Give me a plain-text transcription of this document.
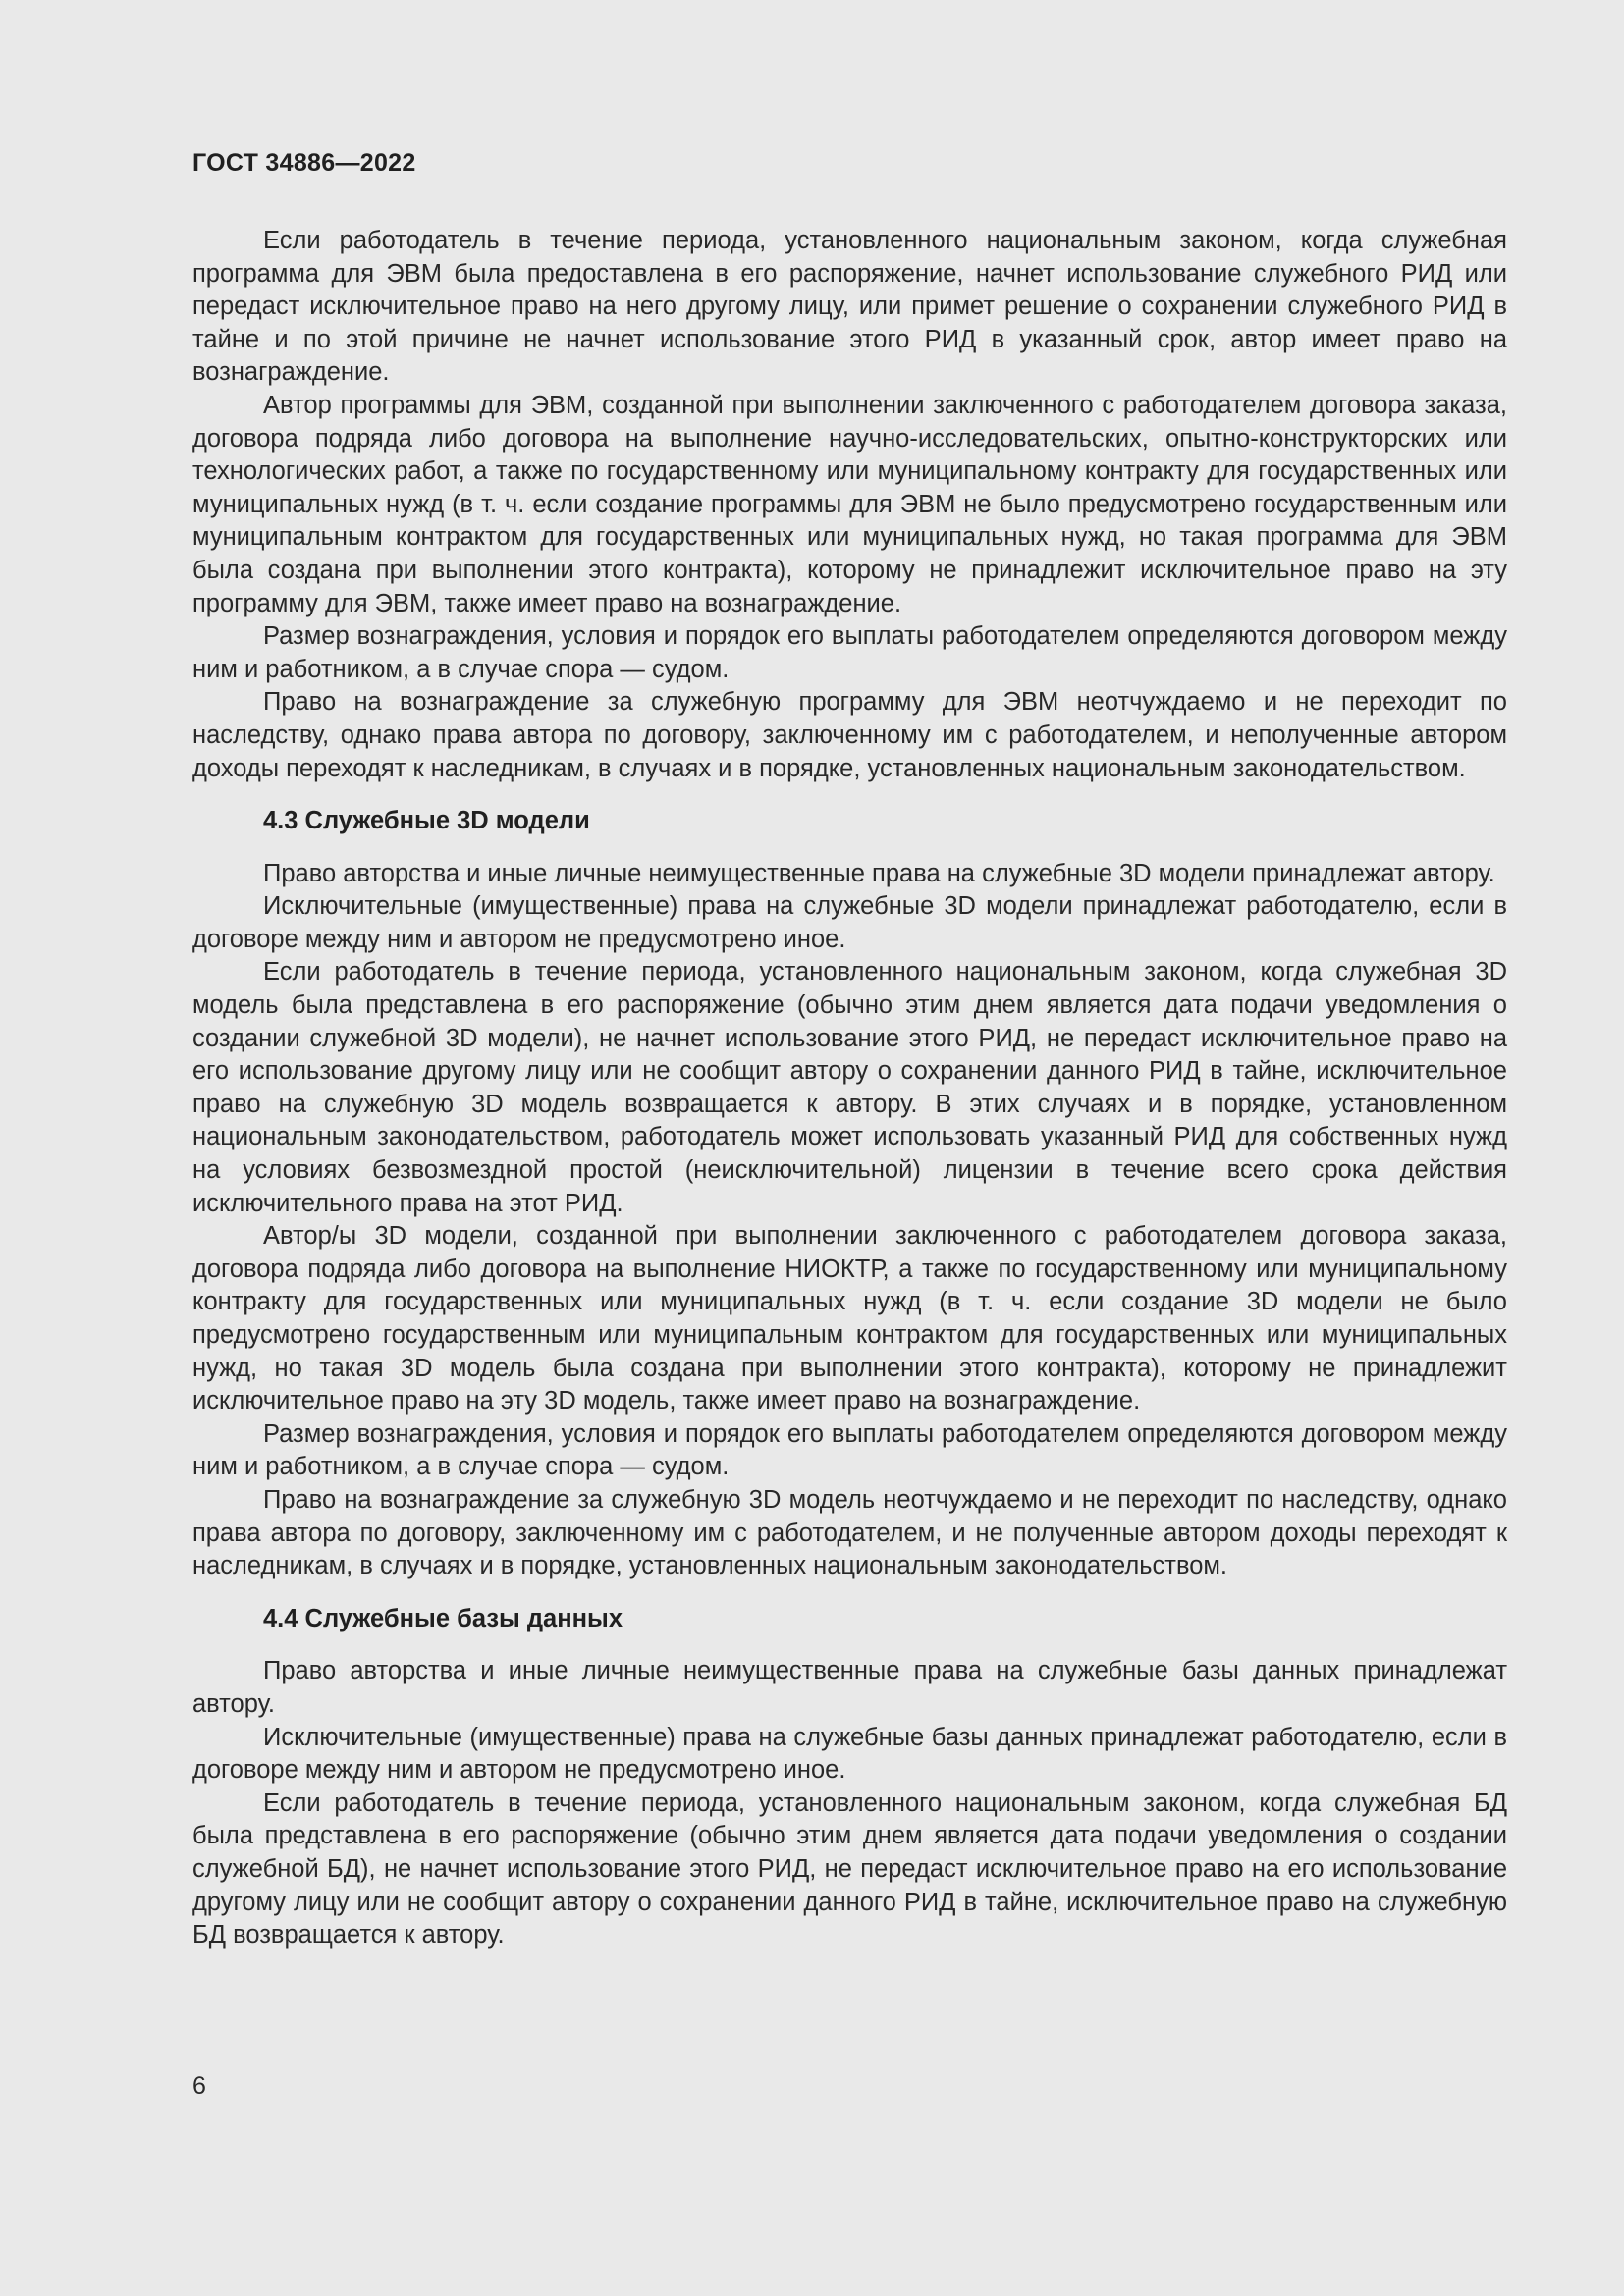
ГОСТ 34886—2022

Если работодатель в течение периода, установленного национальным законом, когда служебная программа для ЭВМ была предоставлена в его распоряжение, начнет использование служебного РИД или передаст исключительное право на него другому лицу, или примет решение о сохранении служебного РИД в тайне и по этой причине не начнет использование этого РИД в указанный срок, автор имеет право на вознаграждение.

Автор программы для ЭВМ, созданной при выполнении заключенного с работодателем договора заказа, договора подряда либо договора на выполнение научно-исследовательских, опытно-конструкторских или технологических работ, а также по государственному или муниципальному контракту для государственных или муниципальных нужд (в т. ч. если создание программы для ЭВМ не было предусмотрено государственным или муниципальным контрактом для государственных или муниципальных нужд, но такая программа для ЭВМ была создана при выполнении этого контракта), которому не принадлежит исключительное право на эту программу для ЭВМ, также имеет право на вознаграждение.

Размер вознаграждения, условия и порядок его выплаты работодателем определяются договором между ним и работником, а в случае спора — судом.

Право на вознаграждение за служебную программу для ЭВМ неотчуждаемо и не переходит по наследству, однако права автора по договору, заключенному им с работодателем, и неполученные автором доходы переходят к наследникам, в случаях и в порядке, установленных национальным законодательством.

4.3 Служебные 3D модели

Право авторства и иные личные неимущественные права на служебные 3D модели принадлежат автору.

Исключительные (имущественные) права на служебные 3D модели принадлежат работодателю, если в договоре между ним и автором не предусмотрено иное.

Если работодатель в течение периода, установленного национальным законом, когда служебная 3D модель была представлена в его распоряжение (обычно этим днем является дата подачи уведомления о создании служебной 3D модели), не начнет использование этого РИД, не передаст исключительное право на его использование другому лицу или не сообщит автору о сохранении данного РИД в тайне, исключительное право на служебную 3D модель возвращается к автору. В этих случаях и в порядке, установленном национальным законодательством, работодатель может использовать указанный РИД для собственных нужд на условиях безвозмездной простой (неисключительной) лицензии в течение всего срока действия исключительного права на этот РИД.

Автор/ы 3D модели, созданной при выполнении заключенного с работодателем договора заказа, договора подряда либо договора на выполнение НИОКТР, а также по государственному или муниципальному контракту для государственных или муниципальных нужд (в т. ч. если создание 3D модели не было предусмотрено государственным или муниципальным контрактом для государственных или муниципальных нужд, но такая 3D модель была создана при выполнении этого контракта), которому не принадлежит исключительное право на эту 3D модель, также имеет право на вознаграждение.

Размер вознаграждения, условия и порядок его выплаты работодателем определяются договором между ним и работником, а в случае спора — судом.

Право на вознаграждение за служебную 3D модель неотчуждаемо и не переходит по наследству, однако права автора по договору, заключенному им с работодателем, и не полученные автором доходы переходят к наследникам, в случаях и в порядке, установленных национальным законодательством.

4.4 Служебные базы данных

Право авторства и иные личные неимущественные права на служебные базы данных принадлежат автору.

Исключительные (имущественные) права на служебные базы данных принадлежат работодателю, если в договоре между ним и автором не предусмотрено иное.

Если работодатель в течение периода, установленного национальным законом, когда служебная БД была представлена в его распоряжение (обычно этим днем является дата подачи уведомления о создании служебной БД), не начнет использование этого РИД, не передаст исключительное право на его использование другому лицу или не сообщит автору о сохранении данного РИД в тайне, исключительное право на служебную БД возвращается к автору.

6
